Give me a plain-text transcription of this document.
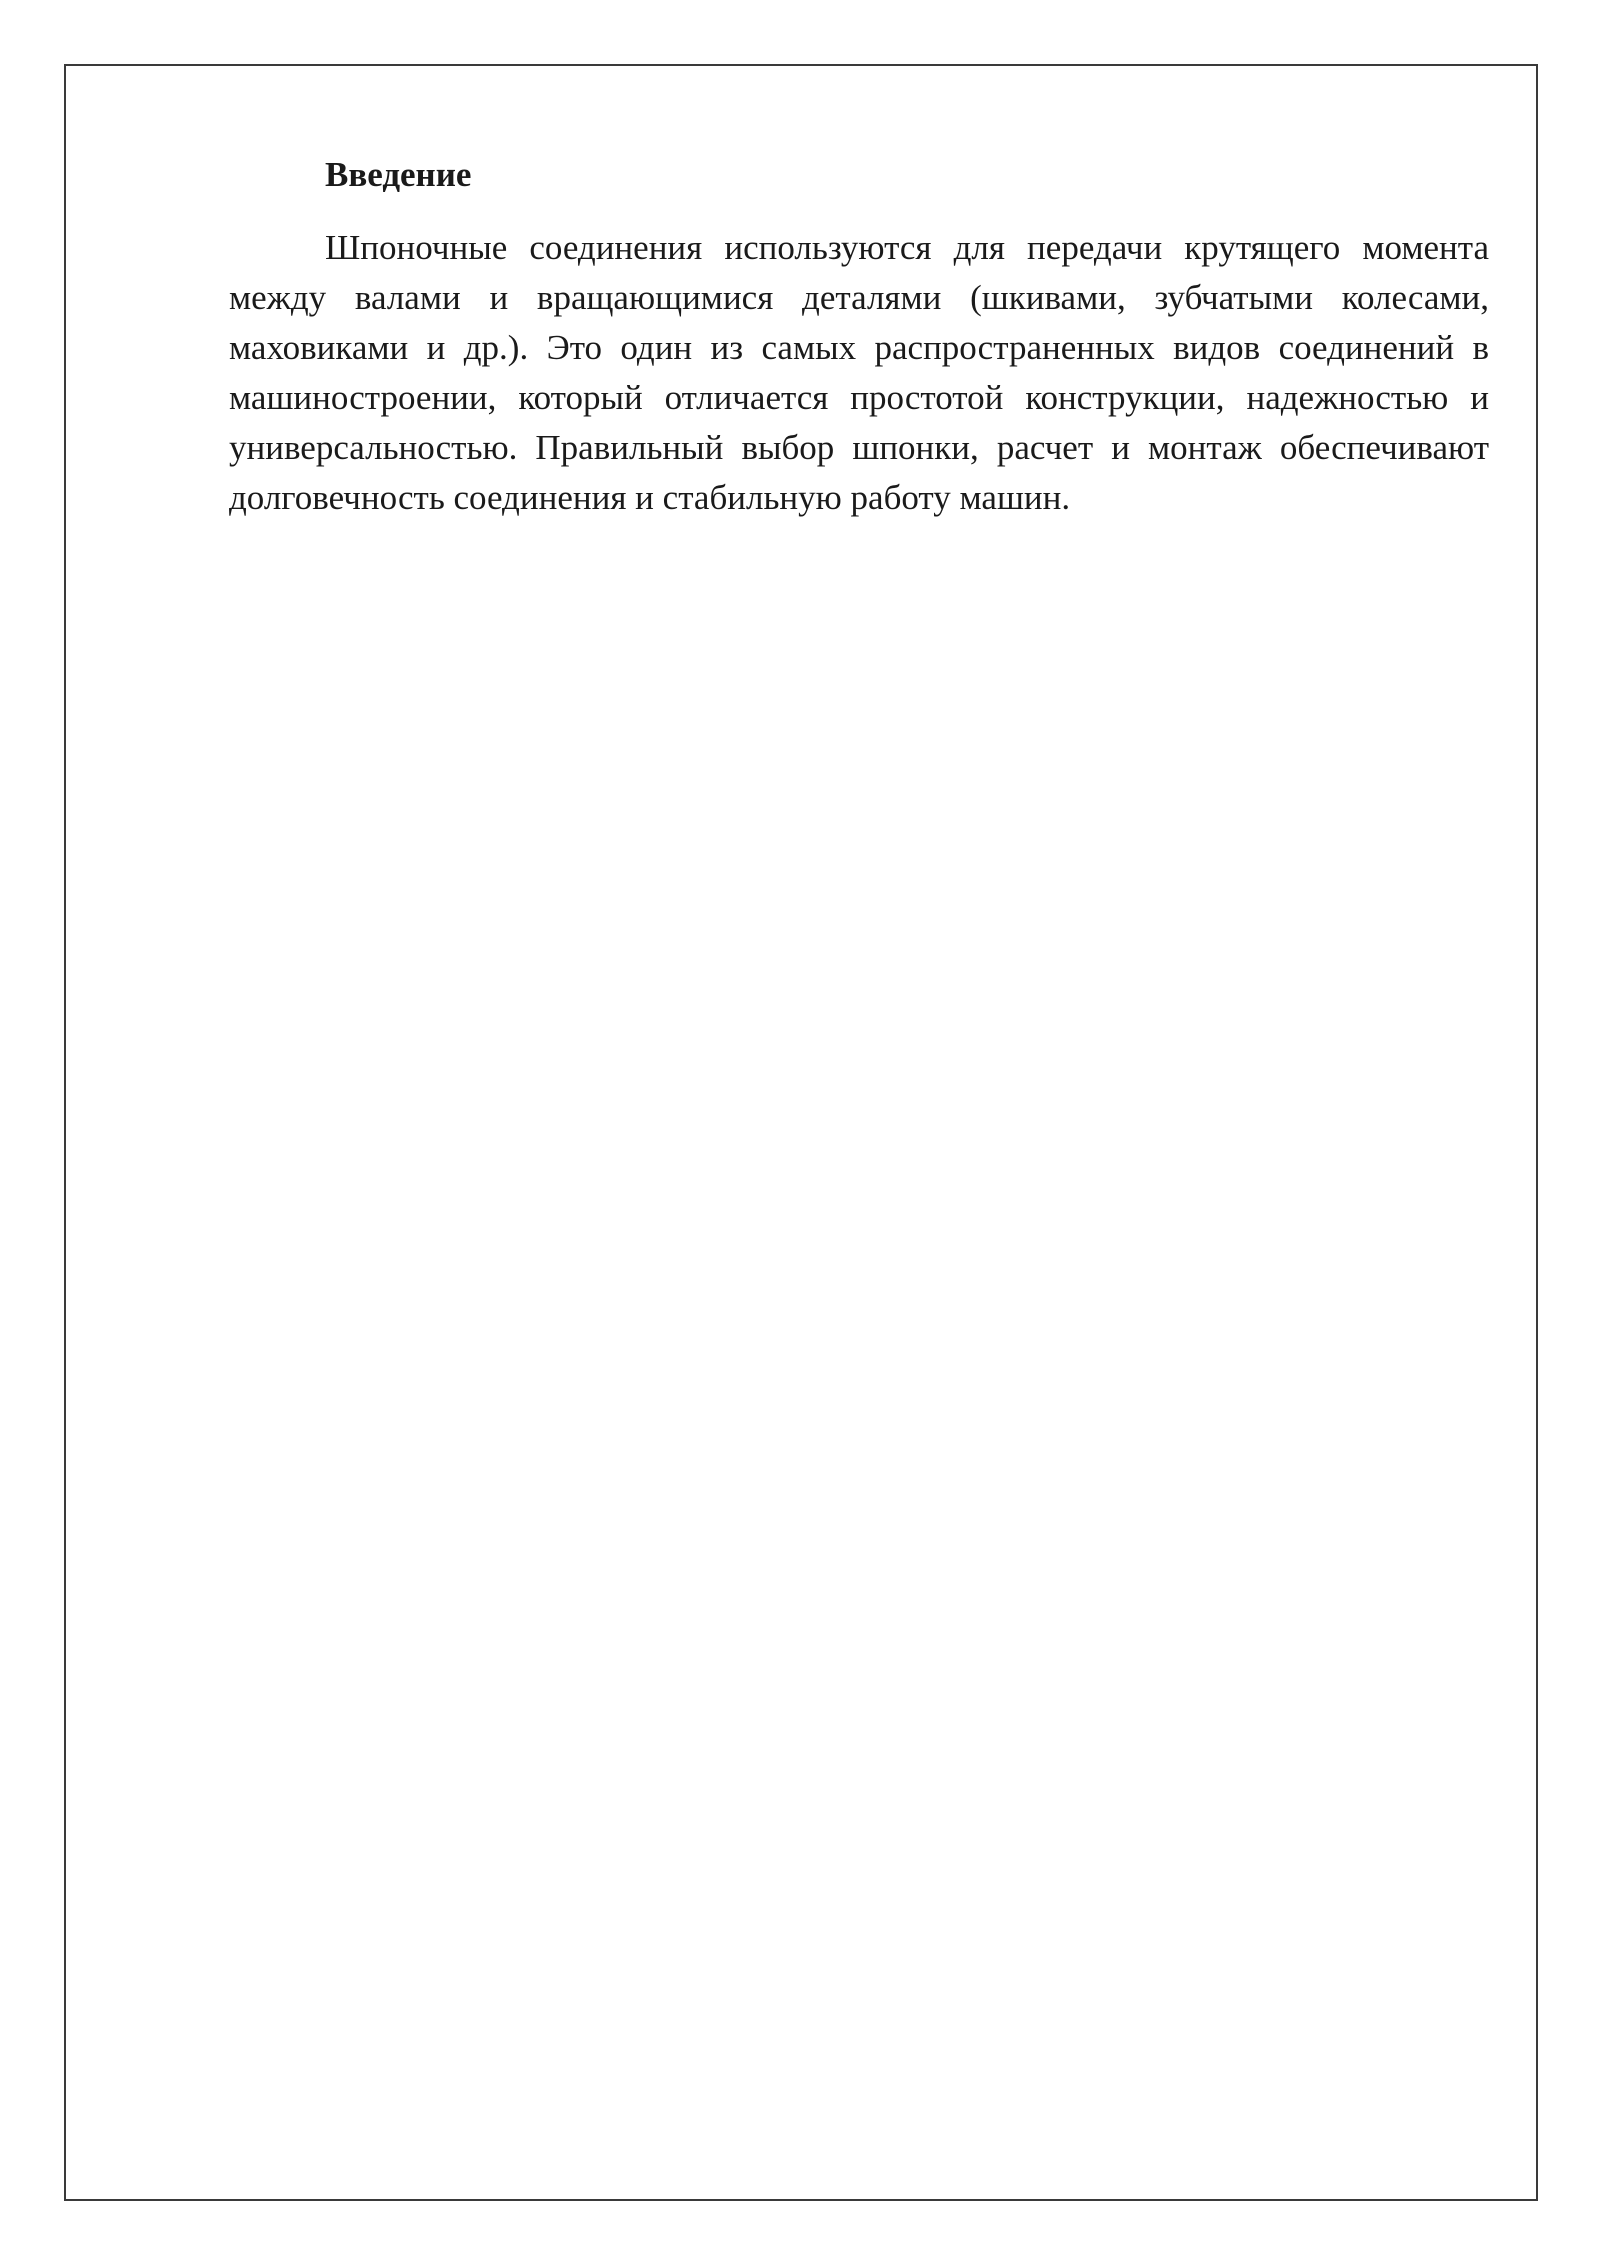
Введение

Шпоночные соединения используются для передачи крутящего момента между валами и вращающимися деталями (шкивами, зубчатыми колесами, маховиками и др.). Это один из самых распространенных видов соединений в машиностроении, который отличается простотой конструкции, надежностью и универсальностью. Правильный выбор шпонки, расчет и монтаж обеспечивают долговечность соединения и стабильную работу машин.
